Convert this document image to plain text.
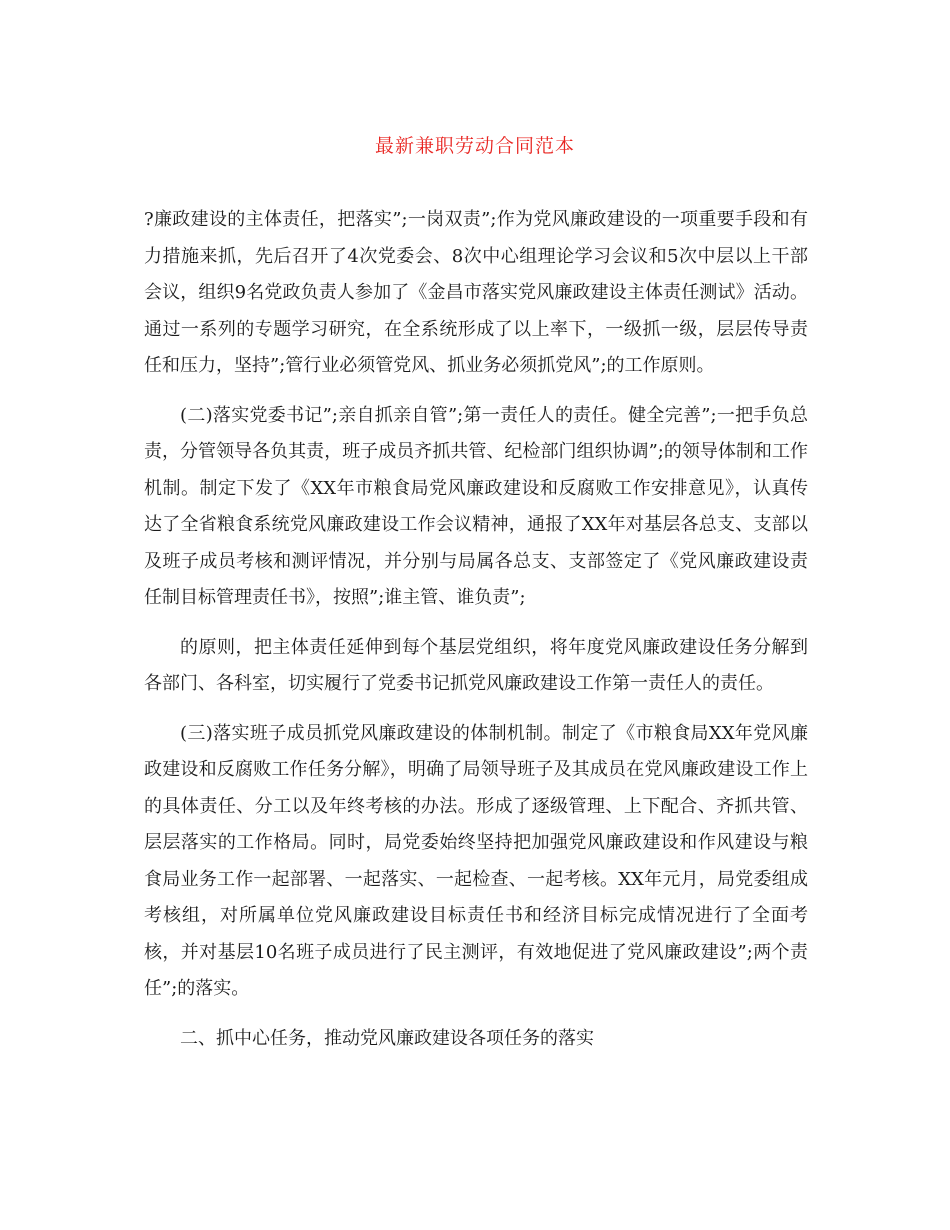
最新兼职劳动合同范本

?廉政建设的主体责任，把落实”;一岗双责”;作为党风廉政建设的一项重要手段和有力措施来抓，先后召开了4次党委会、8次中心组理论学习会议和5次中层以上干部会议，组织9名党政负责人参加了《金昌市落实党风廉政建设主体责任测试》活动。通过一系列的专题学习研究，在全系统形成了以上率下，一级抓一级，层层传导责任和压力，坚持”;管行业必须管党风、抓业务必须抓党风”;的工作原则。

(二)落实党委书记”;亲自抓亲自管”;第一责任人的责任。健全完善”;一把手负总责，分管领导各负其责，班子成员齐抓共管、纪检部门组织协调”;的领导体制和工作机制。制定下发了《XX年市粮食局党风廉政建设和反腐败工作安排意见》，认真传达了全省粮食系统党风廉政建设工作会议精神，通报了XX年对基层各总支、支部以及班子成员考核和测评情况，并分别与局属各总支、支部签定了《党风廉政建设责任制目标管理责任书》，按照”;谁主管、谁负责”;

的原则，把主体责任延伸到每个基层党组织，将年度党风廉政建设任务分解到各部门、各科室，切实履行了党委书记抓党风廉政建设工作第一责任人的责任。

(三)落实班子成员抓党风廉政建设的体制机制。制定了《市粮食局XX年党风廉政建设和反腐败工作任务分解》，明确了局领导班子及其成员在党风廉政建设工作上的具体责任、分工以及年终考核的办法。形成了逐级管理、上下配合、齐抓共管、层层落实的工作格局。同时，局党委始终坚持把加强党风廉政建设和作风建设与粮食局业务工作一起部署、一起落实、一起检查、一起考核。XX年元月，局党委组成考核组，对所属单位党风廉政建设目标责任书和经济目标完成情况进行了全面考核，并对基层10名班子成员进行了民主测评，有效地促进了党风廉政建设”;两个责任”;的落实。

二、抓中心任务，推动党风廉政建设各项任务的落实
